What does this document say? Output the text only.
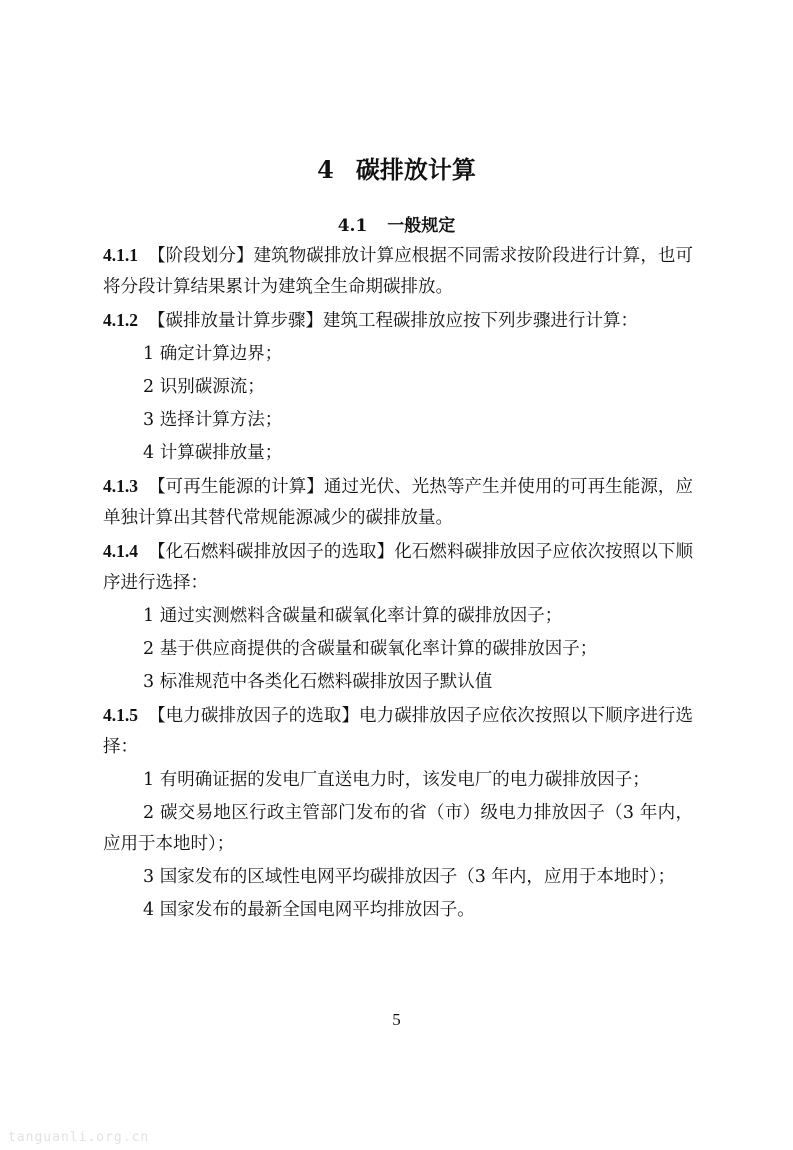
4 碳排放计算
4.1 一般规定

4.1.1 【阶段划分】建筑物碳排放计算应根据不同需求按阶段进行计算，也可将分段计算结果累计为建筑全生命期碳排放。

4.1.2 【碳排放量计算步骤】建筑工程碳排放应按下列步骤进行计算：

1 确定计算边界；

2 识别碳源流；

3 选择计算方法；

4 计算碳排放量；

4.1.3 【可再生能源的计算】通过光伏、光热等产生并使用的可再生能源，应单独计算出其替代常规能源减少的碳排放量。

4.1.4 【化石燃料碳排放因子的选取】化石燃料碳排放因子应依次按照以下顺序进行选择：

1 通过实测燃料含碳量和碳氧化率计算的碳排放因子；

2 基于供应商提供的含碳量和碳氧化率计算的碳排放因子；

3 标准规范中各类化石燃料碳排放因子默认值

4.1.5 【电力碳排放因子的选取】电力碳排放因子应依次按照以下顺序进行选择：

1 有明确证据的发电厂直送电力时，该发电厂的电力碳排放因子；

2 碳交易地区行政主管部门发布的省（市）级电力排放因子（3 年内，应用于本地时）；

3 国家发布的区域性电网平均碳排放因子（3 年内，应用于本地时）；

4 国家发布的最新全国电网平均排放因子。

5
tanguanli.org.cn
